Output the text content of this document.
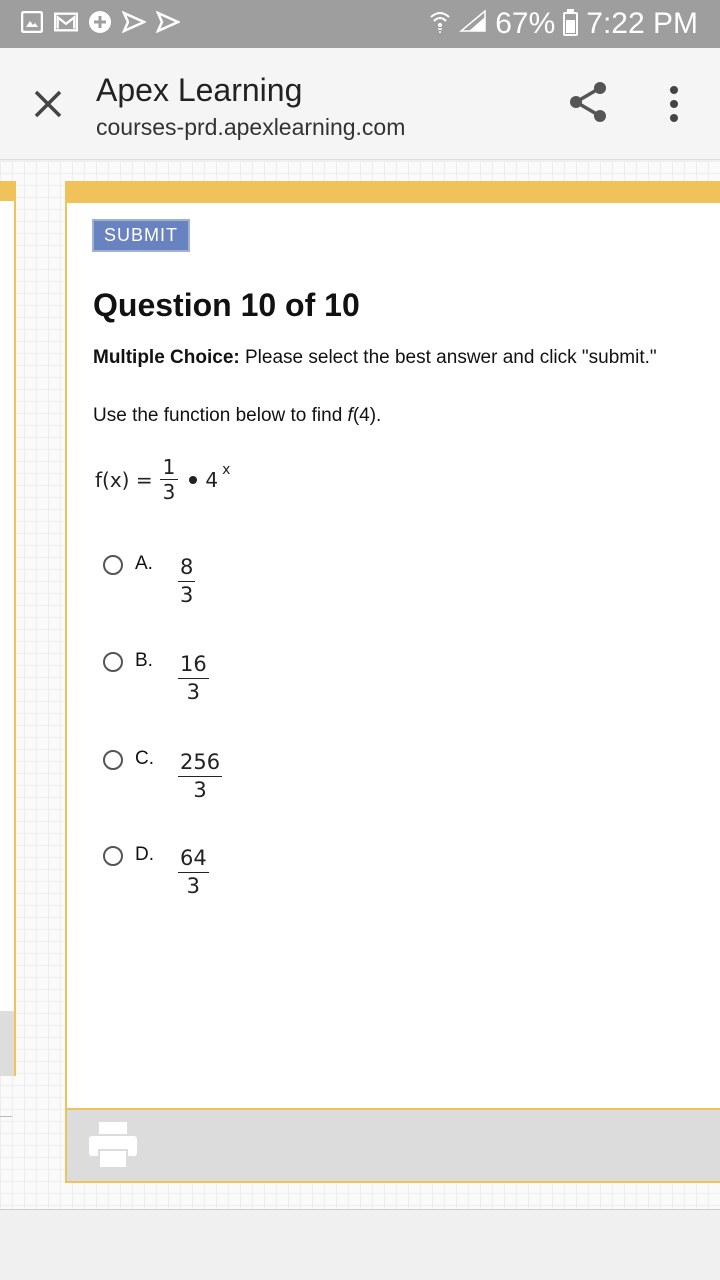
67% 7:22 PM
Apex Learning
courses-prd.apexlearning.com
SUBMIT
Question 10 of 10
Multiple Choice: Please select the best answer and click "submit."
Use the function below to find f(4).
$f(x) = \frac{1}{3} 4$ x
A.	$\frac{8}{3}$
B.	$\frac{16}{3}$
C.	$\frac{256}{3}$
D.	$\frac{64}{3}$
